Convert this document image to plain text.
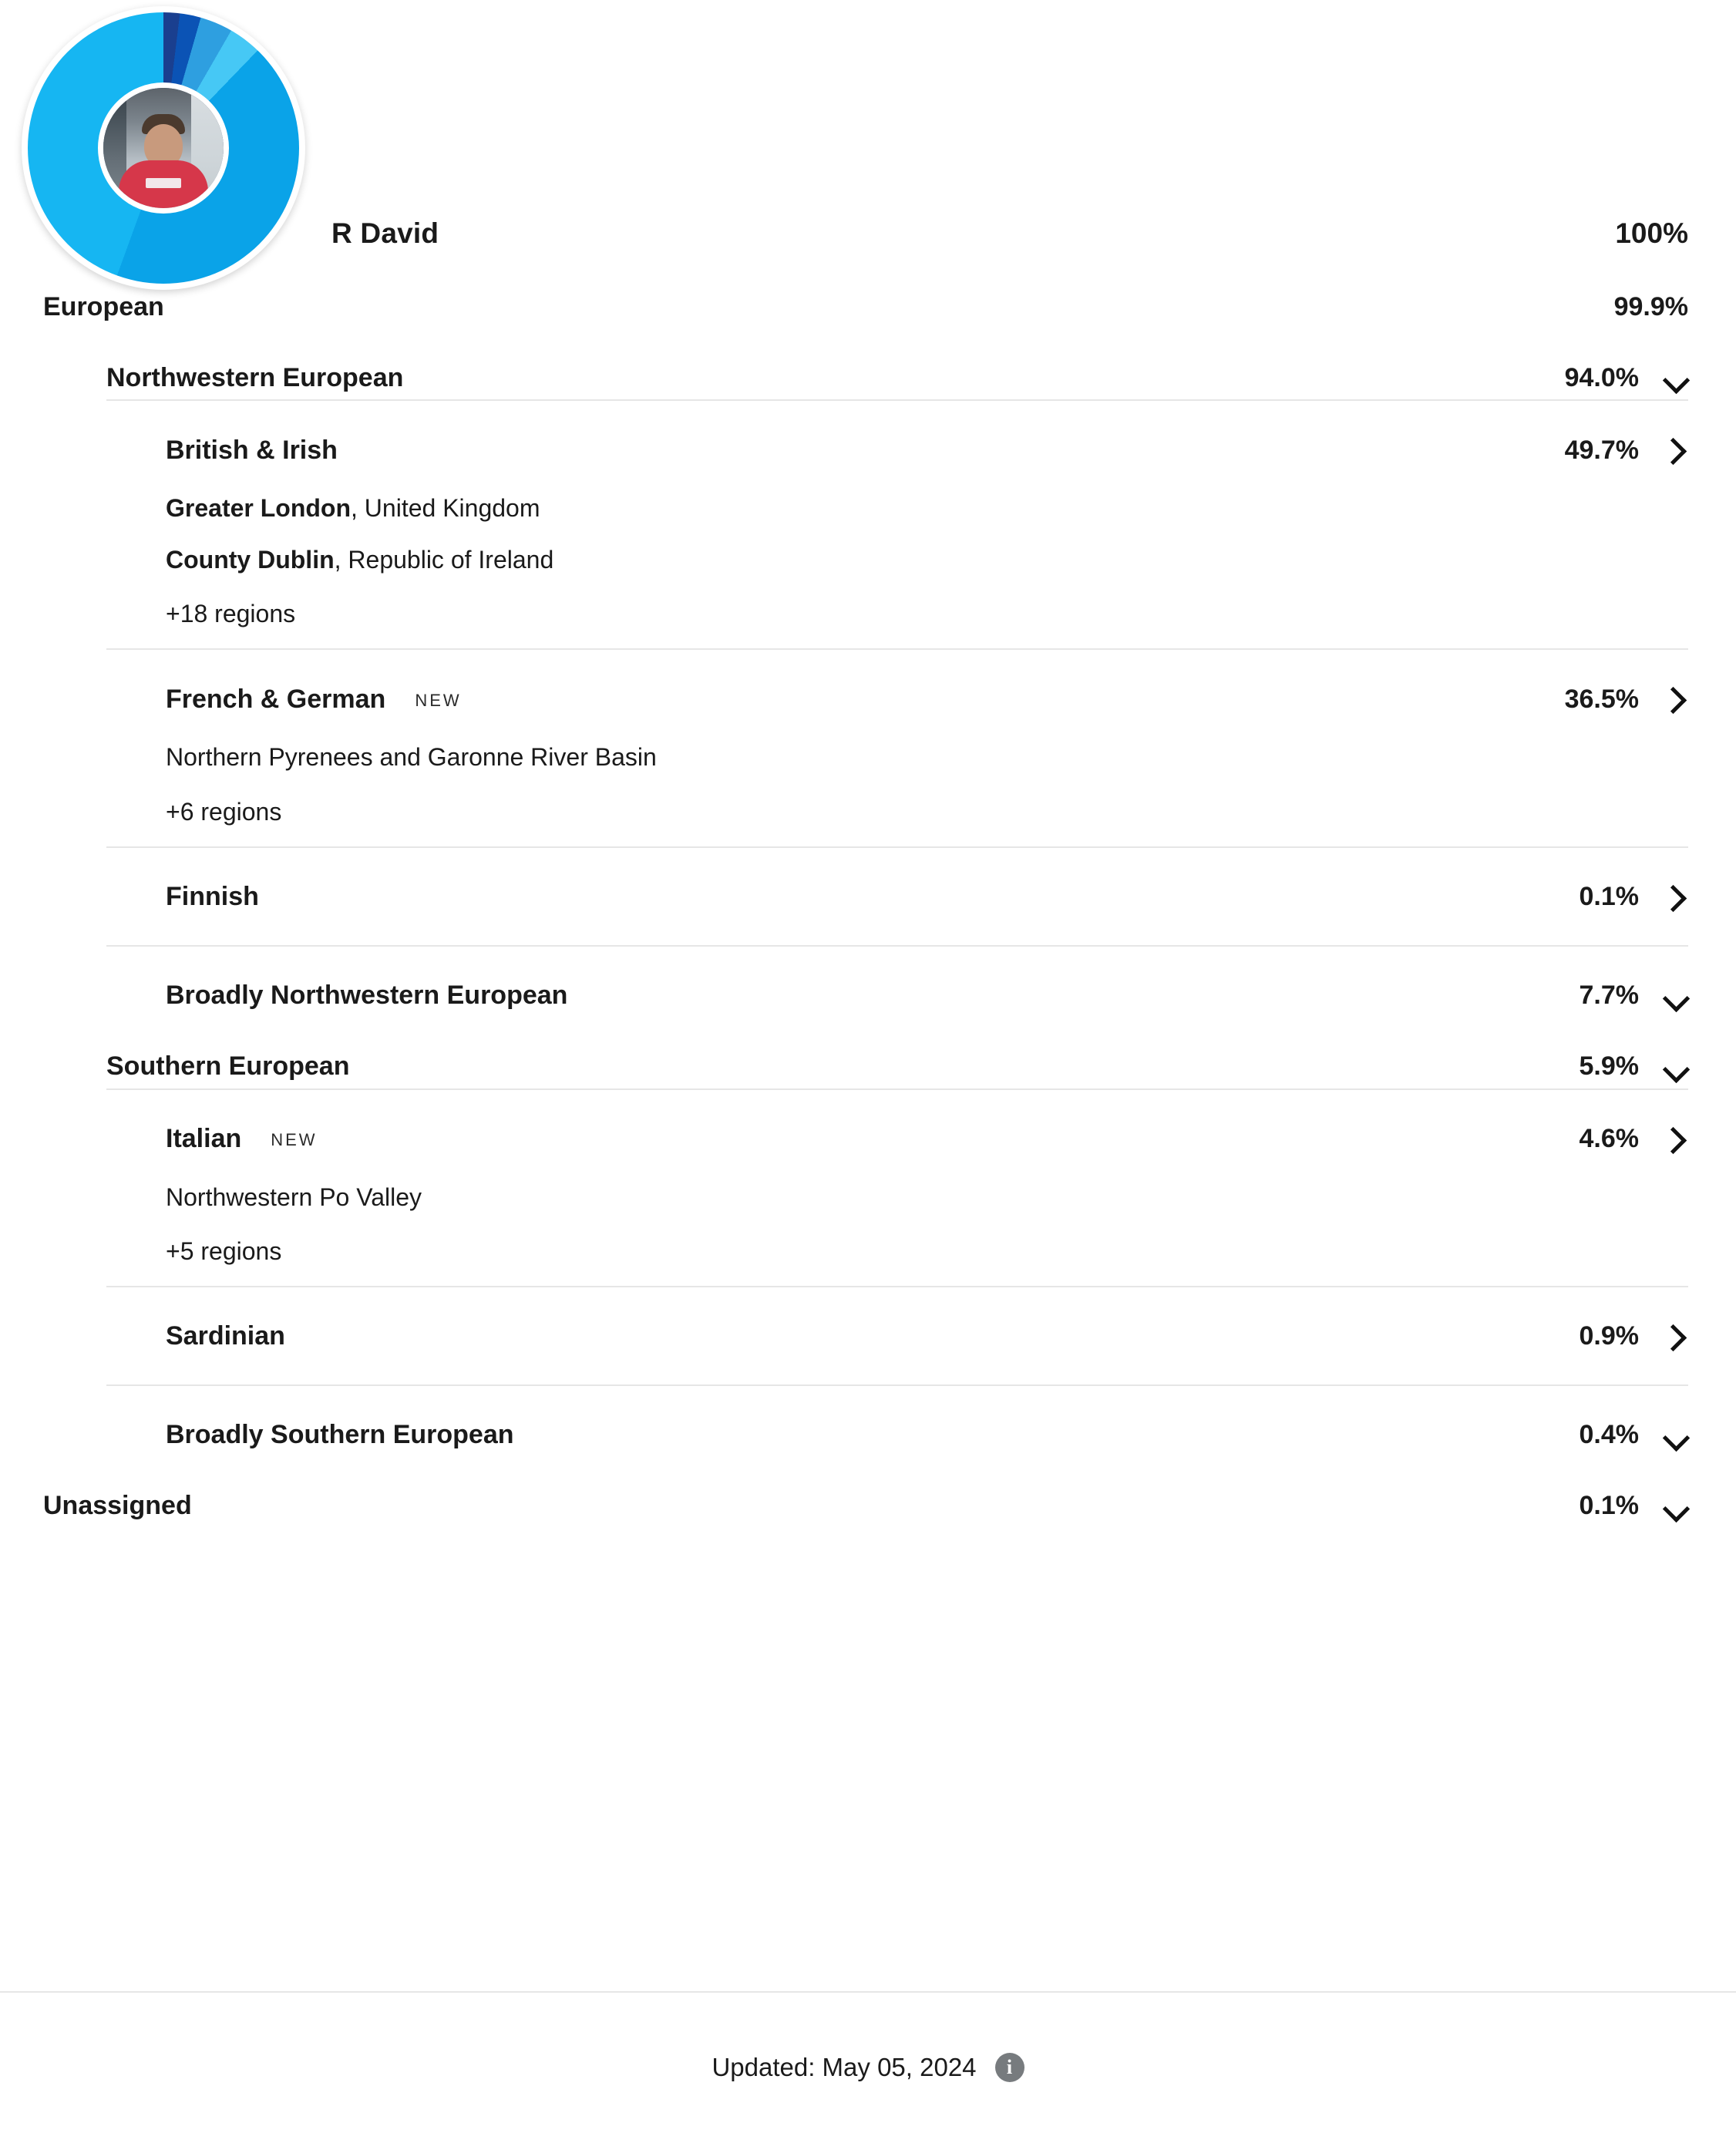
R David	100%
European	99.9%
Northwestern European	94.0%
British & Irish	49.7%
Greater London, United Kingdom
County Dublin, Republic of Ireland
+18 regions
French & German NEW	36.5%
Northern Pyrenees and Garonne River Basin
+6 regions
Finnish	0.1%
Broadly Northwestern European	7.7%
Southern European	5.9%
Italian NEW	4.6%
Northwestern Po Valley
+5 regions
Sardinian	0.9%
Broadly Southern European	0.4%
Unassigned	0.1%
Updated: May 05, 2024	i
